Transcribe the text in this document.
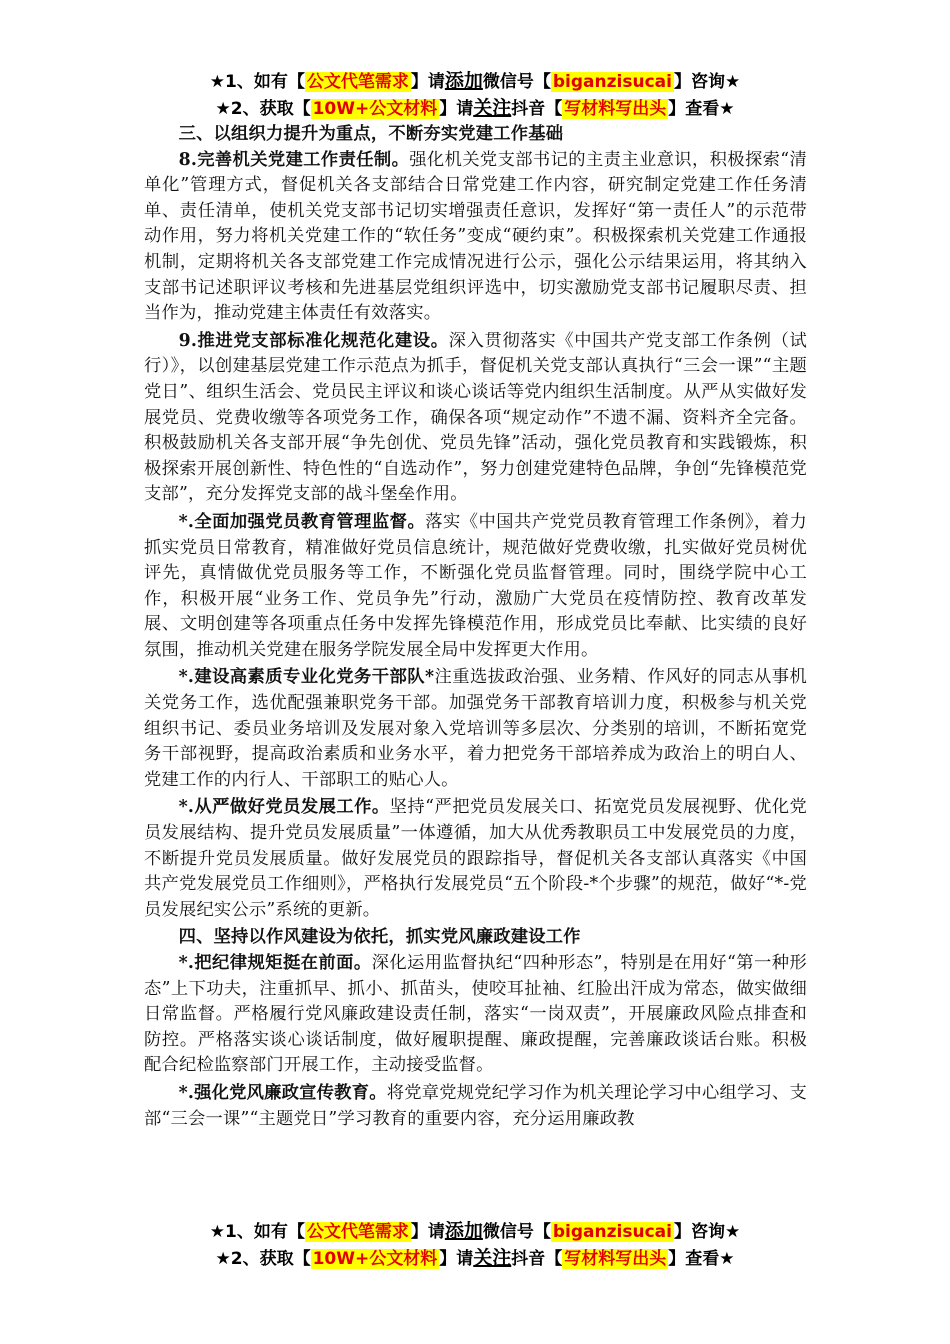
★1、如有【 公文代笔需求 】请添加微信号【 biganzisucai 】咨询★
★2、获取【 10W+公文材料 】请关注抖音【 写材料写出头 】查看★

三、以组织力提升为重点，不断夯实党建工作基础

8.完善机关党建工作责任制。强化机关党支部书记的主责主业意识，积极探索“清单化”管理方式，督促机关各支部结合日常党建工作内容，研究制定党建工作任务清单、责任清单，使机关党支部书记切实增强责任意识，发挥好“第一责任人”的示范带动作用，努力将机关党建工作的“软任务”变成“硬约束”。积极探索机关党建工作通报机制，定期将机关各支部党建工作完成情况进行公示，强化公示结果运用，将其纳入支部书记述职评议考核和先进基层党组织评选中，切实激励党支部书记履职尽责、担当作为，推动党建主体责任有效落实。

9.推进党支部标准化规范化建设。深入贯彻落实《中国共产党支部工作条例（试行）》，以创建基层党建工作示范点为抓手，督促机关党支部认真执行“三会一课”“主题党日”、组织生活会、党员民主评议和谈心谈话等党内组织生活制度。从严从实做好发展党员、党费收缴等各项党务工作，确保各项“规定动作”不遗不漏、资料齐全完备。积极鼓励机关各支部开展“争先创优、党员先锋”活动，强化党员教育和实践锻炼，积极探索开展创新性、特色性的“自选动作”，努力创建党建特色品牌，争创“先锋模范党支部”，充分发挥党支部的战斗堡垒作用。

*.全面加强党员教育管理监督。落实《中国共产党党员教育管理工作条例》，着力抓实党员日常教育，精准做好党员信息统计，规范做好党费收缴，扎实做好党员树优评先，真情做优党员服务等工作，不断强化党员监督管理。同时，围绕学院中心工作，积极开展“业务工作、党员争先”行动，激励广大党员在疫情防控、教育改革发展、文明创建等各项重点任务中发挥先锋模范作用，形成党员比奉献、比实绩的良好氛围，推动机关党建在服务学院发展全局中发挥更大作用。

*.建设高素质专业化党务干部队*注重选拔政治强、业务精、作风好的同志从事机关党务工作，选优配强兼职党务干部。加强党务干部教育培训力度，积极参与机关党组织书记、委员业务培训及发展对象入党培训等多层次、分类别的培训，不断拓宽党务干部视野，提高政治素质和业务水平，着力把党务干部培养成为政治上的明白人、党建工作的内行人、干部职工的贴心人。

*.从严做好党员发展工作。坚持“严把党员发展关口、拓宽党员发展视野、优化党员发展结构、提升党员发展质量”一体遵循，加大从优秀教职员工中发展党员的力度，不断提升党员发展质量。做好发展党员的跟踪指导，督促机关各支部认真落实《中国共产党发展党员工作细则》，严格执行发展党员“五个阶段-*个步骤”的规范，做好“*-党员发展纪实公示”系统的更新。

四、坚持以作风建设为依托，抓实党风廉政建设工作

*.把纪律规矩挺在前面。深化运用监督执纪“四种形态”，特别是在用好“第一种形态”上下功夫，注重抓早、抓小、抓苗头，使咬耳扯袖、红脸出汗成为常态，做实做细日常监督。严格履行党风廉政建设责任制，落实“一岗双责”，开展廉政风险点排查和防控。严格落实谈心谈话制度，做好履职提醒、廉政提醒，完善廉政谈话台账。积极配合纪检监察部门开展工作，主动接受监督。

*.强化党风廉政宣传教育。将党章党规党纪学习作为机关理论学习中心组学习、支部“三会一课”“主题党日”学习教育的重要内容，充分运用廉政教

★1、如有【 公文代笔需求 】请添加微信号【 biganzisucai 】咨询★
★2、获取【 10W+公文材料 】请关注抖音【 写材料写出头 】查看★
